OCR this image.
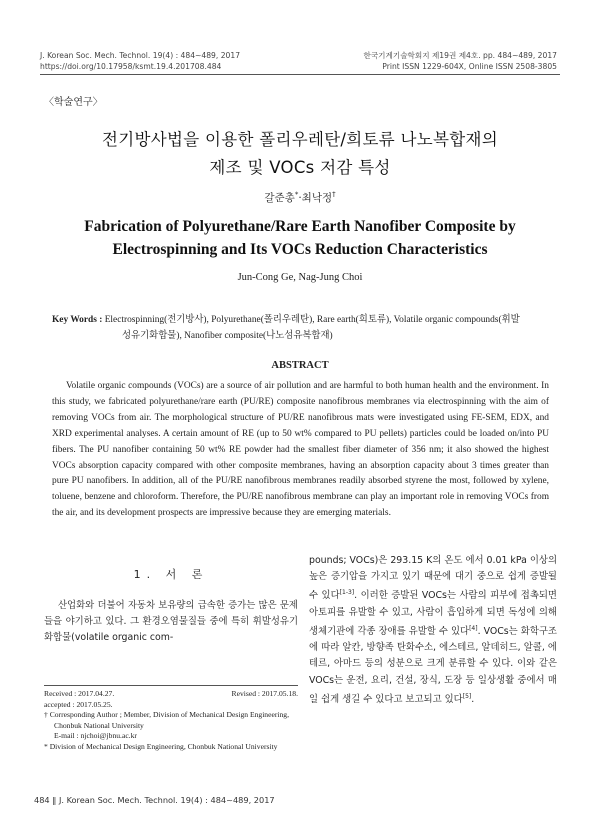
J. Korean Soc. Mech. Technol. 19(4) : 484~489, 2017
https://doi.org/10.17958/ksmt.19.4.201708.484
한국기계기술학회지 제19권 제4호. pp. 484~489, 2017
Print ISSN 1229-604X, Online ISSN 2508-3805
〈학술연구〉
전기방사법을 이용한 폴리우레탄/희토류 나노복합재의
제조 및 VOCs 저감 특성
갈준총*·최낙정†
Fabrication of Polyurethane/Rare Earth Nanofiber Composite by
Electrospinning and Its VOCs Reduction Characteristics
Jun-Cong Ge, Nag-Jung Choi
Key Words : Electrospinning(전기방사), Polyurethane(폴리우레탄), Rare earth(희토류), Volatile organic compounds(휘발
성유기화합물), Nanofiber composite(나노섬유복합재)
ABSTRACT
Volatile organic compounds (VOCs) are a source of air pollution and are harmful to both human health and the environment. In this study, we fabricated polyurethane/rare earth (PU/RE) composite nanofibrous membranes via electrospinning with the aim of removing VOCs from air. The morphological structure of PU/RE nanofibrous mats were investigated using FE-SEM, EDX, and XRD experimental analyses. A certain amount of RE (up to 50 wt% compared to PU pellets) particles could be loaded on/into PU fibers. The PU nanofiber containing 50 wt% RE powder had the smallest fiber diameter of 356 nm; it also showed the highest VOCs absorption capacity compared with other composite membranes, having an absorption capacity about 3 times greater than pure PU nanofibers. In addition, all of the PU/RE nanofibrous membranes readily absorbed styrene the most, followed by xylene, toluene, benzene and chloroform. Therefore, the PU/RE nanofibrous membrane can play an important role in removing VOCs from the air, and its development prospects are impressive because they are emerging materials.
1. 서 론
산업화와 더불어 자동차 보유량의 급속한 증가는 많은 문제들을 야기하고 있다. 그 환경오염물질들 중에 특히 휘발성유기화합물(volatile organic com-
pounds; VOCs)은 293.15 K의 온도 에서 0.01 kPa 이상의 높은 증기압을 가지고 있기 때문에 대기 중으로 쉽게 증발될 수 있다[1-3]. 이러한 증발된 VOCs는 사람의 피부에 접촉되면 아토피를 유발할 수 있고, 사람이 흡입하게 되면 독성에 의해 생체기관에 각종 장애를 유발할 수 있다[4]. VOCs는 화학구조에 따라 알칸, 방향족 탄화수소, 에스테르, 알데히드, 알콜, 에테르, 아마드 등의 성분으로 크게 분류할 수 있다. 이와 같은 VOCs는 운전, 요리, 건설, 장식, 도장 등 일상생활 중에서 매일 쉽게 생길 수 있다고 보고되고 있다[5].
Received : 2017.04.27.	Revised : 2017.05.18.
accepted : 2017.05.25.
† Corresponding Author ; Member, Division of Mechanical Design Engineering, Chonbuk National University
E-mail : njchoi@jbnu.ac.kr
* Division of Mechanical Design Engineering, Chonbuk National University
484 ‖ J. Korean Soc. Mech. Technol. 19(4) : 484~489, 2017
